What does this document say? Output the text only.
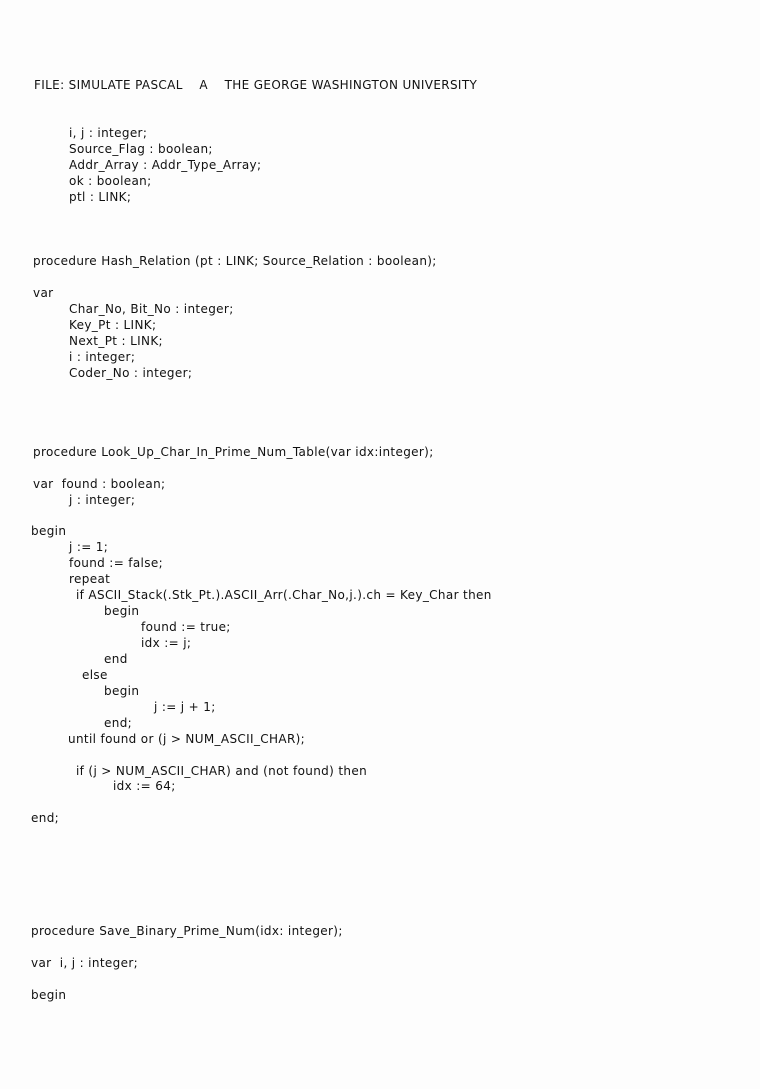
FILE: SIMULATE PASCAL    A    THE GEORGE WASHINGTON UNIVERSITY
i, j : integer;
Source_Flag : boolean;
Addr_Array : Addr_Type_Array;
ok : boolean;
ptl : LINK;
procedure Hash_Relation (pt : LINK; Source_Relation : boolean);
var
Char_No, Bit_No : integer;
Key_Pt : LINK;
Next_Pt : LINK;
i : integer;
Coder_No : integer;
procedure Look_Up_Char_In_Prime_Num_Table(var idx:integer);
var  found : boolean;
j : integer;
begin
j := 1;
found := false;
repeat
if ASCII_Stack(.Stk_Pt.).ASCII_Arr(.Char_No,j.).ch = Key_Char then
begin
found := true;
idx := j;
end
else
begin
j := j + 1;
end;
until found or (j > NUM_ASCII_CHAR);
if (j > NUM_ASCII_CHAR) and (not found) then
idx := 64;
end;
procedure Save_Binary_Prime_Num(idx: integer);
var  i, j : integer;
begin
